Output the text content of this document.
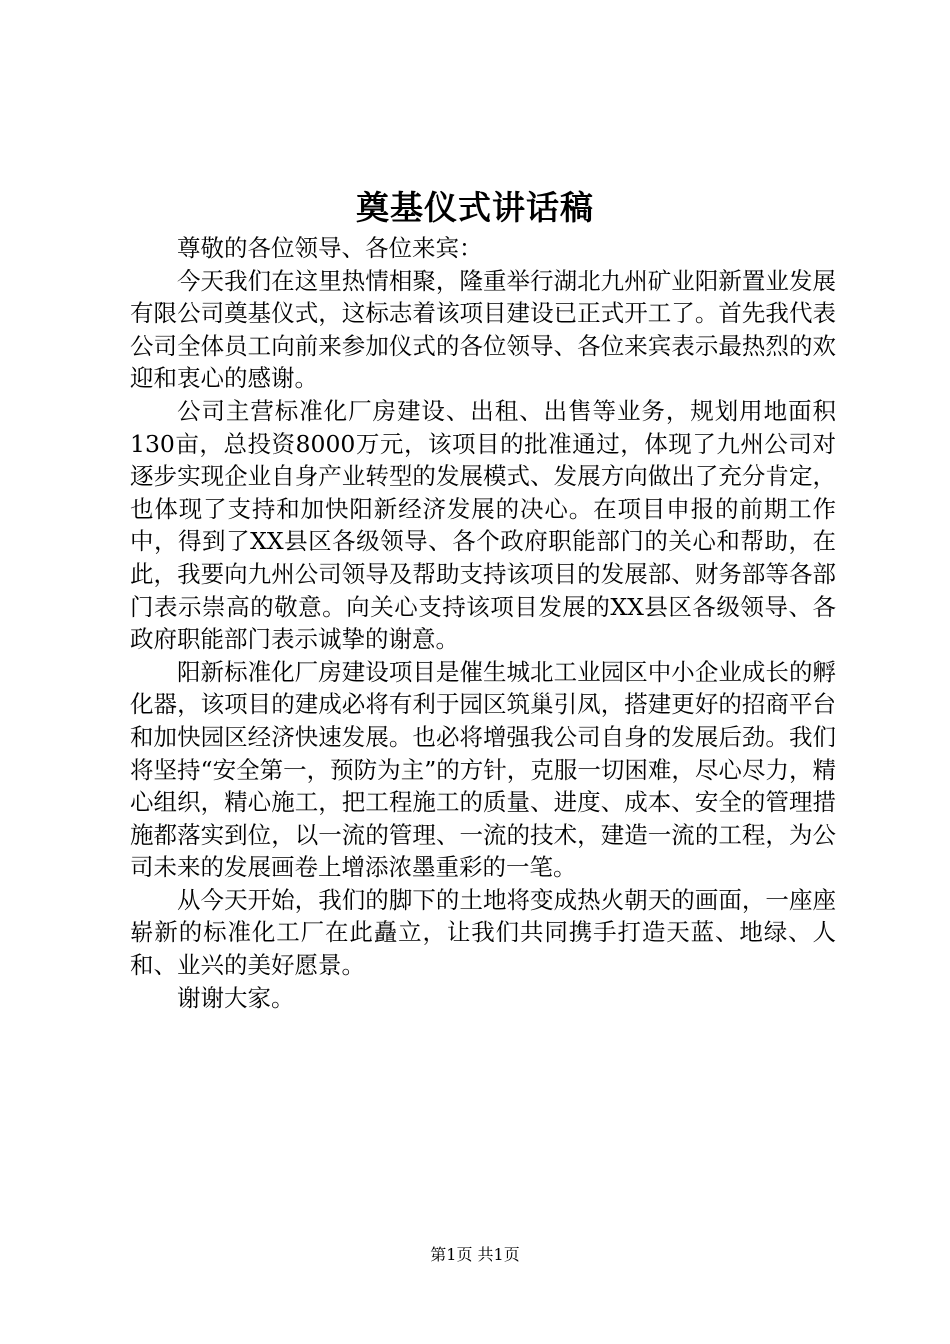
奠基仪式讲话稿

尊敬的各位领导、各位来宾：

今天我们在这里热情相聚，隆重举行湖北九州矿业阳新置业发展有限公司奠基仪式，这标志着该项目建设已正式开工了。首先我代表公司全体员工向前来参加仪式的各位领导、各位来宾表示最热烈的欢迎和衷心的感谢。

公司主营标准化厂房建设、出租、出售等业务，规划用地面积130亩，总投资8000万元，该项目的批准通过，体现了九州公司对逐步实现企业自身产业转型的发展模式、发展方向做出了充分肯定，也体现了支持和加快阳新经济发展的决心。在项目申报的前期工作中，得到了XX县区各级领导、各个政府职能部门的关心和帮助，在此，我要向九州公司领导及帮助支持该项目的发展部、财务部等各部门表示崇高的敬意。向关心支持该项目发展的XX县区各级领导、各政府职能部门表示诚挚的谢意。

阳新标准化厂房建设项目是催生城北工业园区中小企业成长的孵化器，该项目的建成必将有利于园区筑巢引凤，搭建更好的招商平台和加快园区经济快速发展。也必将增强我公司自身的发展后劲。我们将坚持“安全第一，预防为主”的方针，克服一切困难，尽心尽力，精心组织，精心施工，把工程施工的质量、进度、成本、安全的管理措施都落实到位，以一流的管理、一流的技术，建造一流的工程，为公司未来的发展画卷上增添浓墨重彩的一笔。

从今天开始，我们的脚下的土地将变成热火朝天的画面，一座座崭新的标准化工厂在此矗立，让我们共同携手打造天蓝、地绿、人和、业兴的美好愿景。

谢谢大家。

第1页 共1页
